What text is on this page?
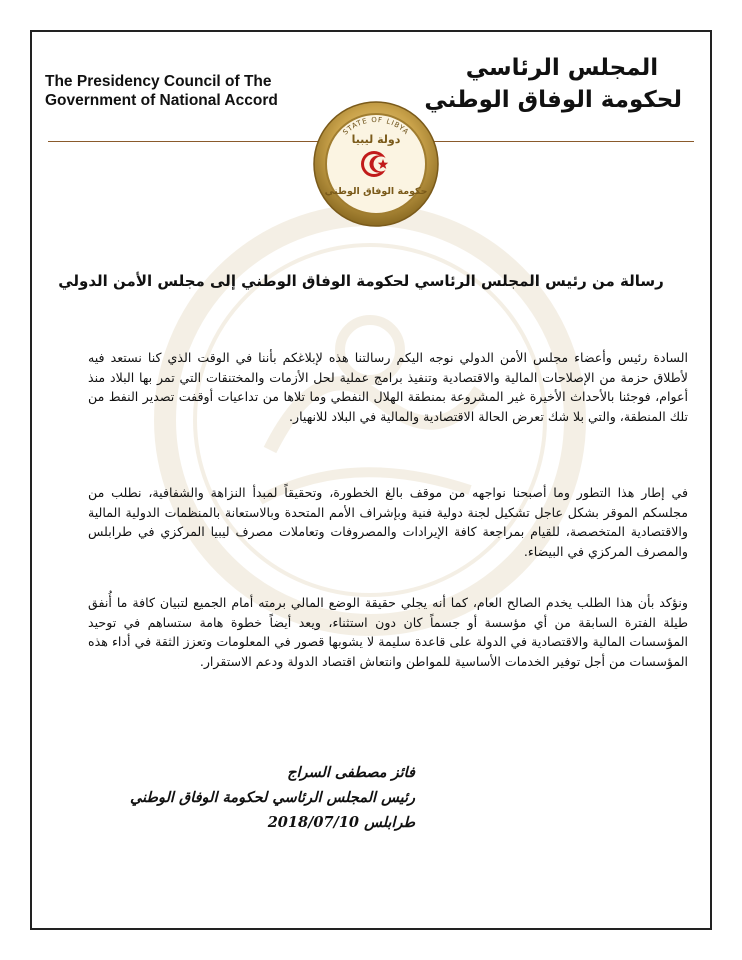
The Presidency Council of The
Government of National Accord
المجلس الرئاسي
لحكومة الوفاق الوطني
STATE OF LIBYA
دولة ليبيا
حكومة الوفاق الوطني
رسالة من رئيس المجلس الرئاسي لحكومة الوفاق الوطني إلى مجلس الأمن الدولي
السادة رئيس وأعضاء مجلس الأمن الدولي نوجه اليكم رسالتنا هذه لإبلاغكم بأننا في الوقت الذي كنا نستعد فيه لأطلاق حزمة من الإصلاحات المالية والاقتصادية وتنفيذ برامج عملية لحل الأزمات والمختنقات التي تمر بها البلاد منذ أعوام، فوجئنا بالأحداث الأخيرة غير المشروعة بمنطقة الهلال النفطي وما تلاها من تداعيات أوقفت تصدير النفط من تلك المنطقة، والتي بلا شك تعرض الحالة الاقتصادية والمالية في البلاد للانهيار.
في إطار هذا التطور وما أصبحنا نواجهه من موقف بالغ الخطورة، وتحقيقاً لمبدأ النزاهة والشفافية، نطلب من مجلسكم الموقر بشكل عاجل تشكيل لجنة دولية فنية وبإشراف الأمم المتحدة وبالاستعانة بالمنظمات الدولية المالية والاقتصادية المتخصصة، للقيام بمراجعة كافة الإيرادات والمصروفات وتعاملات مصرف ليبيا المركزي في طرابلس والمصرف المركزي في البيضاء.
ونؤكد بأن هذا الطلب يخدم الصالح العام، كما أنه يجلي حقيقة الوضع المالي برمته أمام الجميع لتبيان كافة ما أُنفق طيلة الفترة السابقة من أي مؤسسة أو جسماً كان دون استثناء، ويعد أيضاً خطوة هامة ستساهم في توحيد المؤسسات المالية والاقتصادية في الدولة على قاعدة سليمة لا يشوبها قصور في المعلومات وتعزز الثقة في أداء هذه المؤسسات من أجل توفير الخدمات الأساسية للمواطن وانتعاش اقتصاد الدولة ودعم الاستقرار.
فائز مصطفى السراج
رئيس المجلس الرئاسي لحكومة الوفاق الوطني
طرابلس 2018/07/10
